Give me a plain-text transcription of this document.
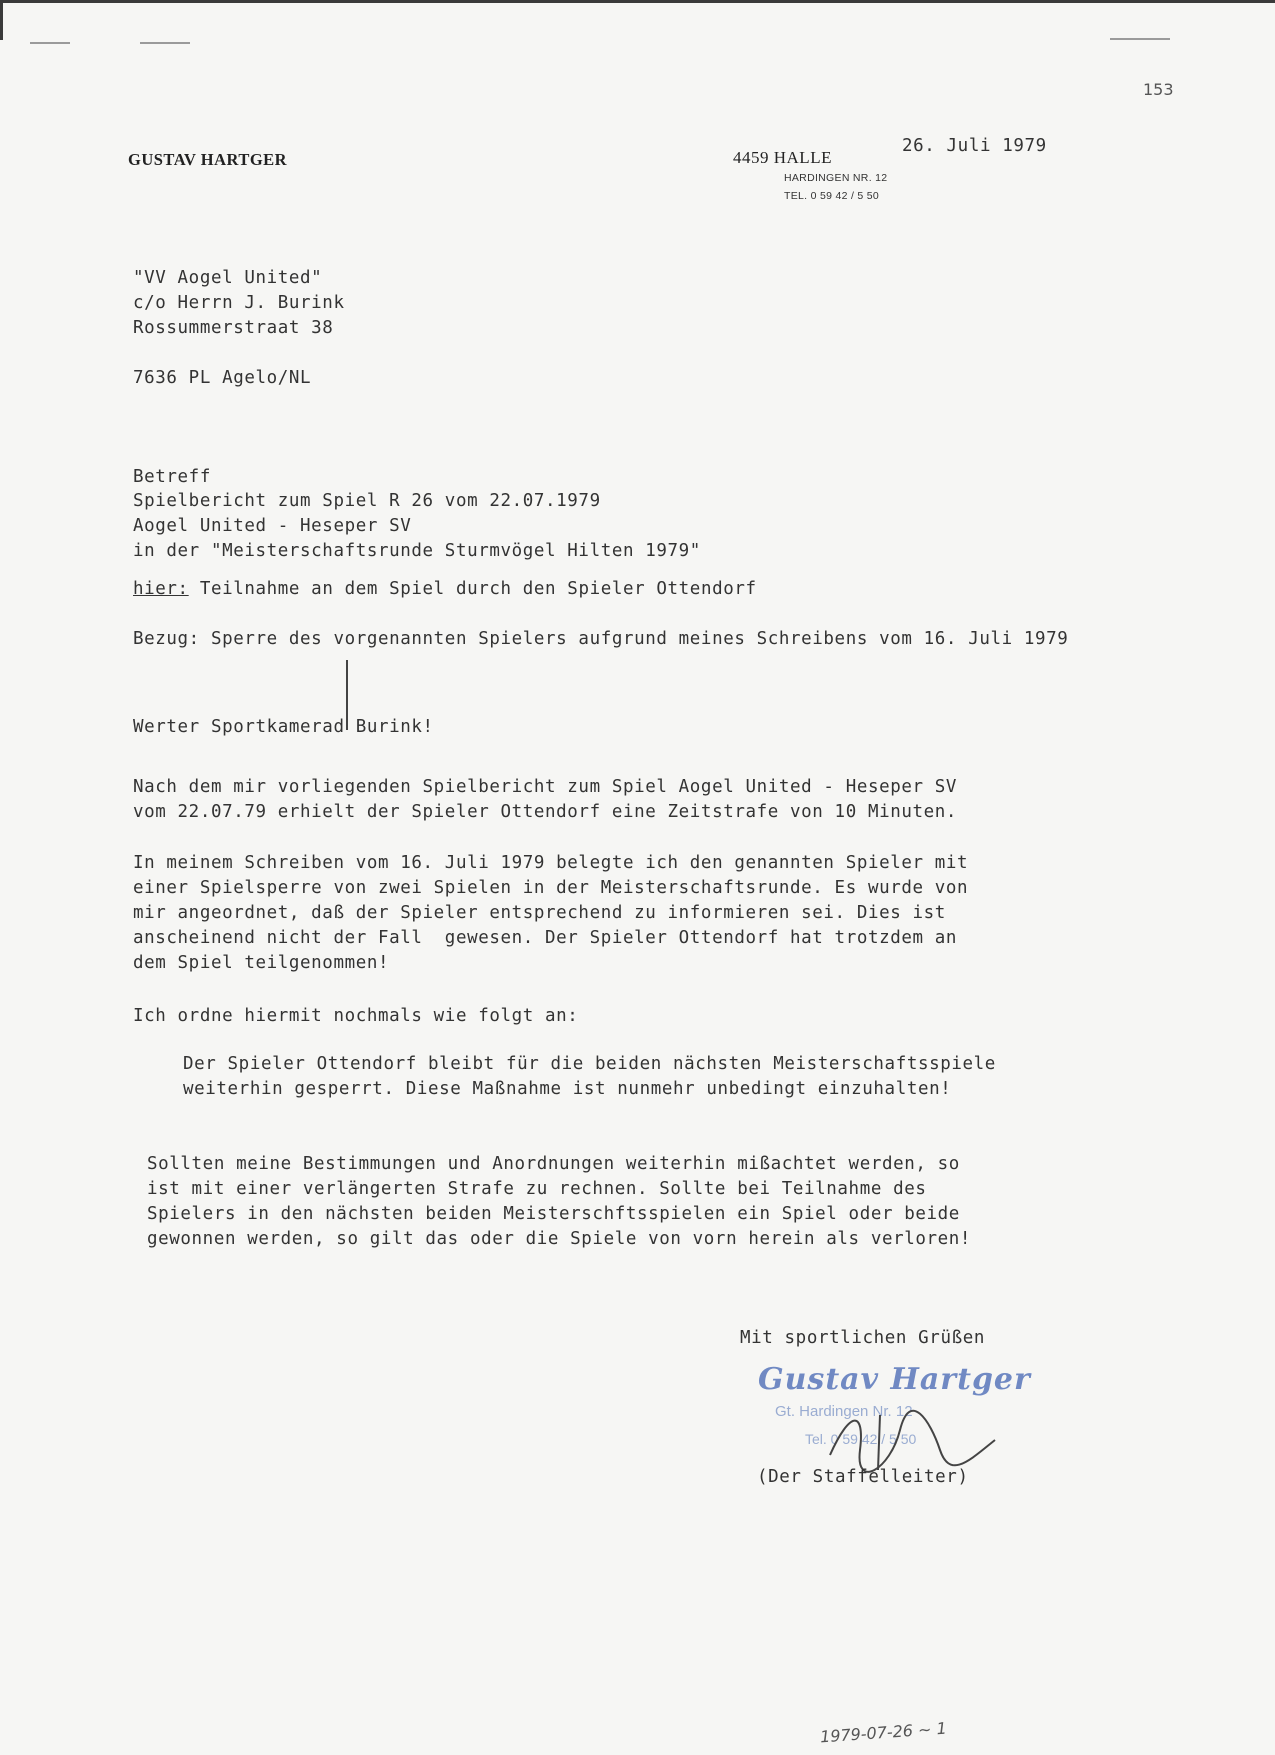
153
GUSTAV HARTGER	4459 HALLE
HARDINGEN NR. 12
TEL. 0 59 42 / 5 50
26. Juli 1979
"VV Aogel United"
c/o Herrn J. Burink
Rossummerstraat 38
7636 PL Agelo/NL
Betreff
Spielbericht zum Spiel R 26 vom 22.07.1979
Aogel United - Heseper SV
in der "Meisterschaftsrunde Sturmvögel Hilten 1979"
hier: Teilnahme an dem Spiel durch den Spieler Ottendorf
Bezug: Sperre des vorgenannten Spielers aufgrund meines Schreibens vom 16. Juli 1979
Werter Sportkamerad Burink!
Nach dem mir vorliegenden Spielbericht zum Spiel Aogel United - Heseper SV
vom 22.07.79 erhielt der Spieler Ottendorf eine Zeitstrafe von 10 Minuten.
In meinem Schreiben vom 16. Juli 1979 belegte ich den genannten Spieler mit
einer Spielsperre von zwei Spielen in der Meisterschaftsrunde. Es wurde von
mir angeordnet, daß der Spieler entsprechend zu informieren sei. Dies ist
anscheinend nicht der Fall  gewesen. Der Spieler Ottendorf hat trotzdem an
dem Spiel teilgenommen!
Ich ordne hiermit nochmals wie folgt an:
Der Spieler Ottendorf bleibt für die beiden nächsten Meisterschaftsspiele
weiterhin gesperrt. Diese Maßnahme ist nunmehr unbedingt einzuhalten!
Sollten meine Bestimmungen und Anordnungen weiterhin mißachtet werden, so
ist mit einer verlängerten Strafe zu rechnen. Sollte bei Teilnahme des
Spielers in den nächsten beiden Meisterschftsspielen ein Spiel oder beide
gewonnen werden, so gilt das oder die Spiele von vorn herein als verloren!
Mit sportlichen Grüßen
Gustav Hartger
Gt. Hardingen Nr. 12
Tel. 0 59 42 / 5 50
(Der Staffelleiter)
1979-07-26 ~ 1
